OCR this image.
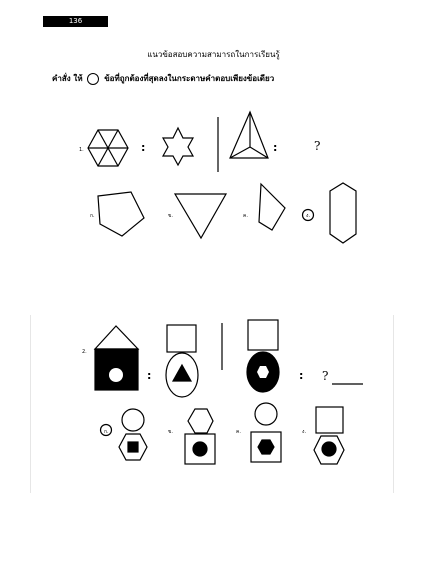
136
แนวข้อสอบความสามารถในการเรียนรู้
คำสั่ง ให้ ○ ข้อที่ถูกต้องที่สุดลงในกระดาษคำตอบเพียงข้อเดียว
1.	:	:	?
ก.	ข.	ค.	ง.
2.
:	: ?
ก.	ข.	ค.	ง.
